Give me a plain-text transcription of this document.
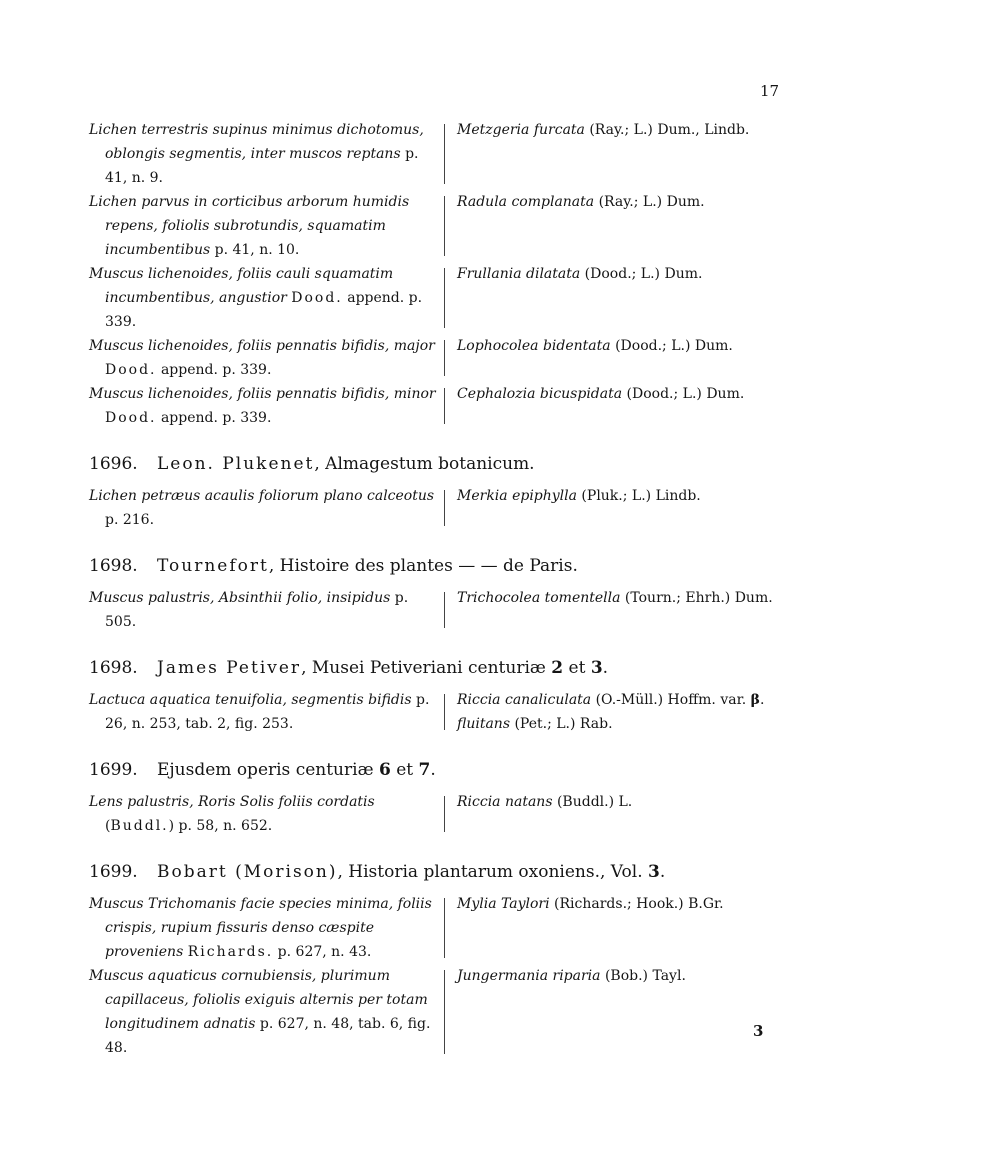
17
Lichen terrestris supinus minimus dichotomus, oblongis segmentis, inter muscos reptans p. 41, n. 9.
Metzgeria furcata (Ray.; L.) Dum., Lindb.
Lichen parvus in corticibus arborum humidis repens, foliolis subrotundis, squamatim incumbentibus p. 41, n. 10.
Radula complanata (Ray.; L.) Dum.
Muscus lichenoides, foliis cauli squamatim incumbentibus, angustior Dood. append. p. 339.
Frullania dilatata (Dood.; L.) Dum.
Muscus lichenoides, foliis pennatis bifidis, major Dood. append. p. 339.
Lophocolea bidentata (Dood.; L.) Dum.
Muscus lichenoides, foliis pennatis bifidis, minor Dood. append. p. 339.
Cephalozia bicuspidata (Dood.; L.) Dum.
1696. Leon. Plukenet, Almagestum botanicum.
Lichen petræus acaulis foliorum plano calceotus p. 216.
Merkia epiphylla (Pluk.; L.) Lindb.
1698. Tournefort, Histoire des plantes — — de Paris.
Muscus palustris, Absinthii folio, insipidus p. 505.
Trichocolea tomentella (Tourn.; Ehrh.) Dum.
1698. James Petiver, Musei Petiveriani centuriæ 2 et 3.
Lactuca aquatica tenuifolia, segmentis bifidis p. 26, n. 253, tab. 2, fig. 253.
Riccia canaliculata (O.-Müll.) Hoffm. var. β. fluitans (Pet.; L.) Rab.
1699. Ejusdem operis centuriæ 6 et 7.
Lens palustris, Roris Solis foliis cordatis (Buddl.) p. 58, n. 652.
Riccia natans (Buddl.) L.
1699. Bobart (Morison), Historia plantarum oxoniens., Vol. 3.
Muscus Trichomanis facie species minima, foliis crispis, rupium fissuris denso cæspite proveniens Richards. p. 627, n. 43.
Mylia Taylori (Richards.; Hook.) B.Gr.
Muscus aquaticus cornubiensis, plurimum capillaceus, foliolis exiguis alternis per totam longitudinem adnatis p. 627, n. 48, tab. 6, fig. 48.
Jungermania riparia (Bob.) Tayl.
3
